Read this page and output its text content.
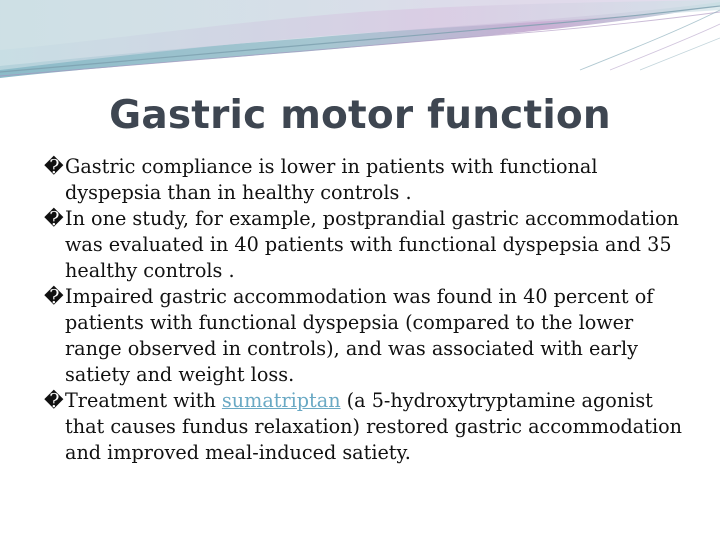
Gastric motor function
� Gastric compliance is lower in patients with functional dyspepsia than in healthy controls .
� In one study, for example, postprandial gastric accommodation was evaluated in 40 patients with functional dyspepsia and 35 healthy controls .
� Impaired gastric accommodation was found in 40 percent of patients with functional dyspepsia (compared to the lower range observed in controls), and was associated with early satiety and weight loss.
� Treatment with sumatriptan (a 5-hydroxytryptamine agonist that causes fundus relaxation) restored gastric accommodation and improved meal-induced satiety.
